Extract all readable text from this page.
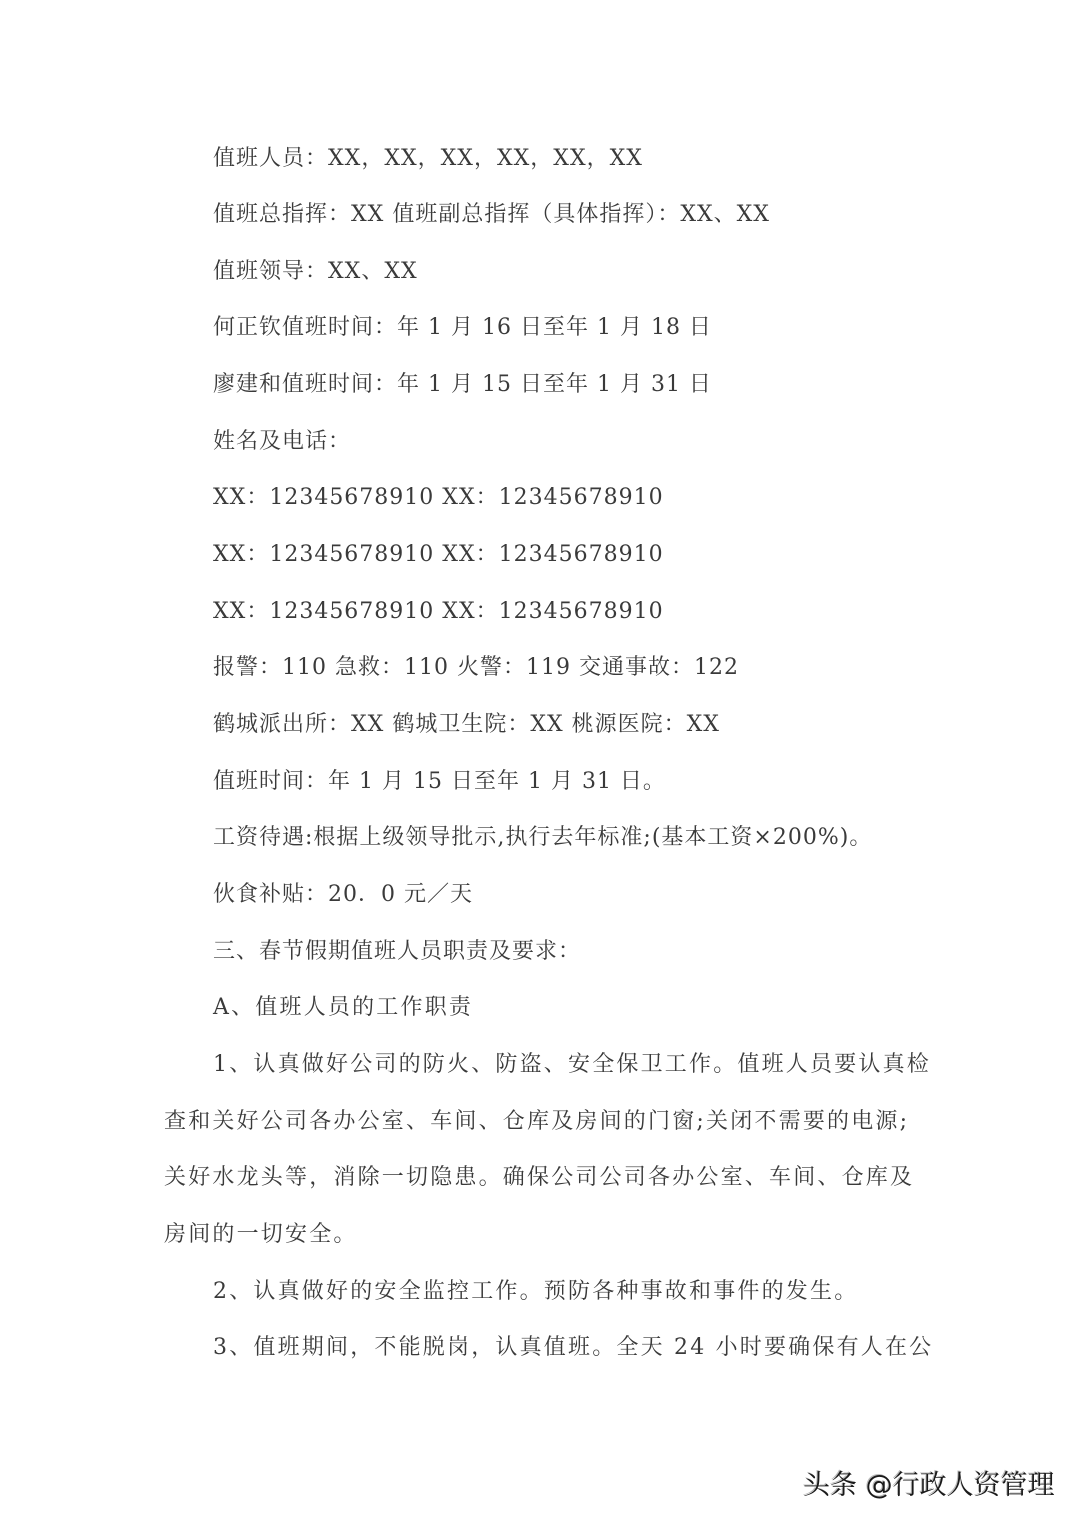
值班人员：XX，XX，XX，XX，XX，XX
值班总指挥：XX 值班副总指挥（具体指挥）：XX、XX
值班领导：XX、XX
何正钦值班时间：年 1 月 16 日至年 1 月 18 日
廖建和值班时间：年 1 月 15 日至年 1 月 31 日
姓名及电话：
XX：12345678910 XX：12345678910
XX：12345678910 XX：12345678910
XX：12345678910 XX：12345678910
报警：110 急救：110 火警：119 交通事故：122
鹤城派出所：XX 鹤城卫生院：XX 桃源医院：XX
值班时间：年 1 月 15 日至年 1 月 31 日。
工资待遇:根据上级领导批示,执行去年标准;(基本工资×200%)。
伙食补贴：20．0 元／天
三、春节假期值班人员职责及要求：
A、值班人员的工作职责
1、认真做好公司的防火、防盗、安全保卫工作。值班人员要认真检
查和关好公司各办公室、车间、仓库及房间的门窗;关闭不需要的电源;
关好水龙头等，消除一切隐患。确保公司公司各办公室、车间、仓库及
房间的一切安全。
2、认真做好的安全监控工作。预防各种事故和事件的发生。
3、值班期间，不能脱岗，认真值班。全天 24 小时要确保有人在公
头条 @行政人资管理
